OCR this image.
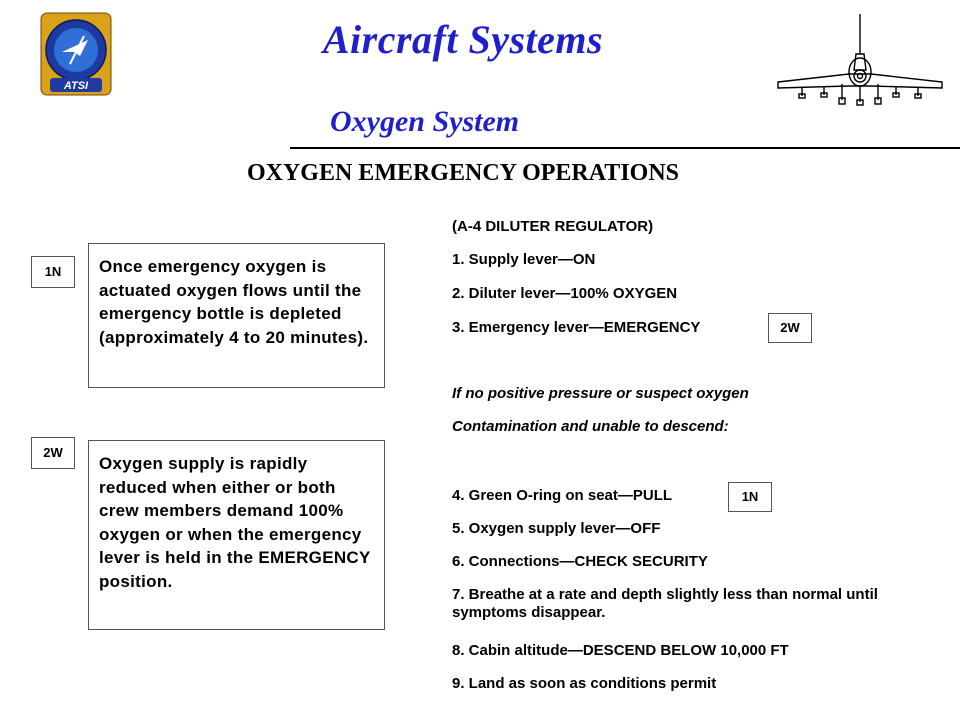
ATSI
Aircraft Systems
Oxygen System
OXYGEN EMERGENCY OPERATIONS
1N	Once emergency oxygen is actuated oxygen flows until the emergency bottle is depleted (approximately 4 to 20 minutes).
2W
Oxygen supply is rapidly reduced when either or both crew members demand 100% oxygen or when the emergency lever is held in the EMERGENCY position.
(A-4 DILUTER REGULATOR)
1. Supply lever—ON
2. Diluter lever—100% OXYGEN
3. Emergency lever—EMERGENCY
If no positive pressure or suspect oxygen
Contamination and unable to descend:
4. Green O-ring on seat—PULL
5. Oxygen supply lever—OFF
6. Connections—CHECK SECURITY
7. Breathe at a rate and depth slightly less than normal until symptoms disappear.
8. Cabin altitude—DESCEND BELOW 10,000 FT
9. Land as soon as conditions permit
2W
1N
